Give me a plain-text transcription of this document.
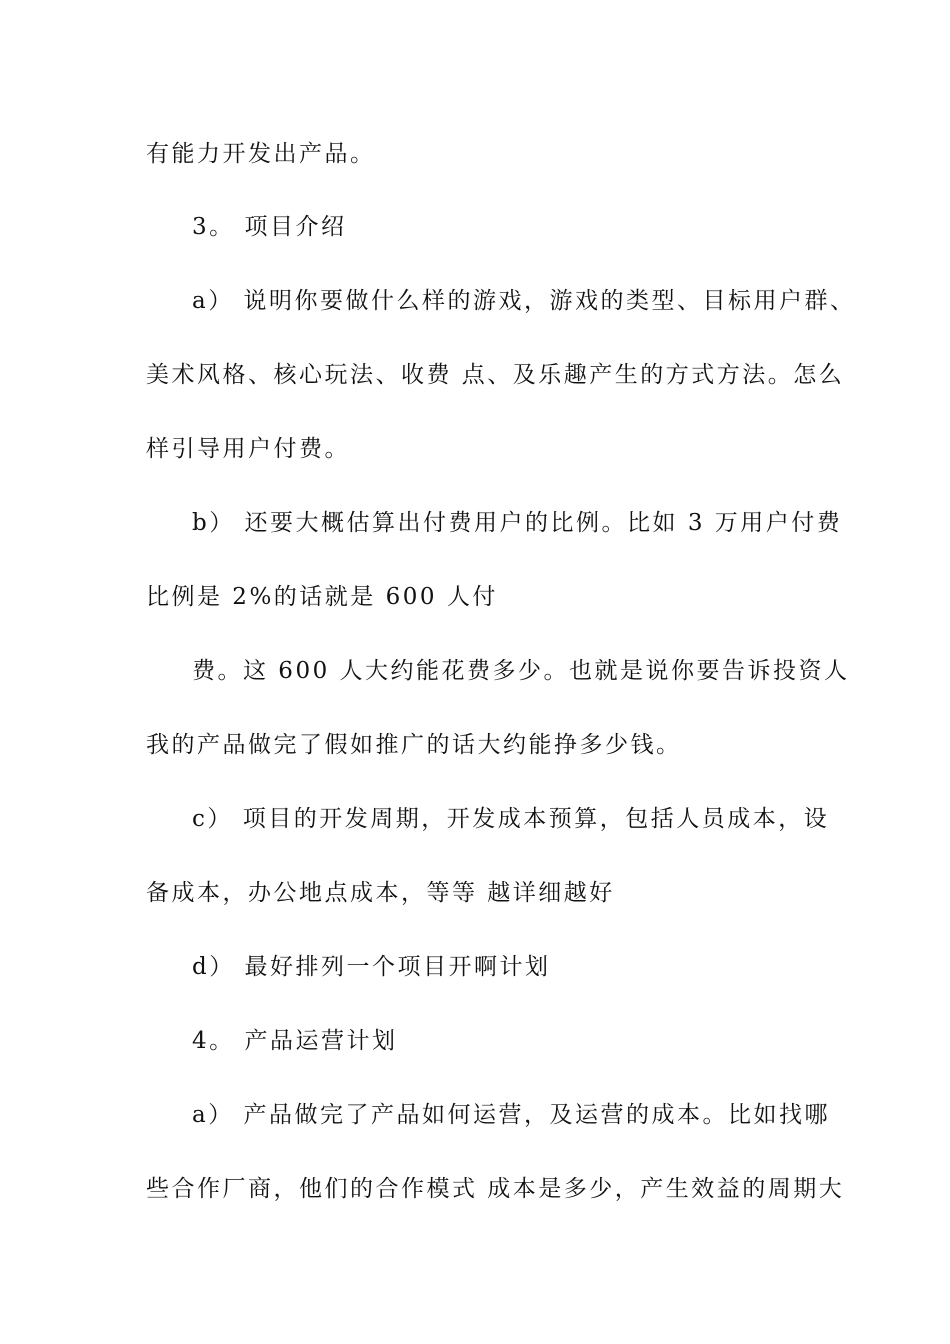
有能力开发出产品。
3。 项目介绍
a） 说明你要做什么样的游戏，游戏的类型、目标用户群、
美术风格、核心玩法、收费 点、及乐趣产生的方式方法。怎么
样引导用户付费。
b） 还要大概估算出付费用户的比例。比如 3 万用户付费
比例是 2%的话就是 600 人付
费。这 600 人大约能花费多少。也就是说你要告诉投资人
我的产品做完了假如推广的话大约能挣多少钱。
c） 项目的开发周期，开发成本预算，包括人员成本，设
备成本，办公地点成本，等等 越详细越好
d） 最好排列一个项目开啊计划
4。 产品运营计划
a） 产品做完了产品如何运营，及运营的成本。比如找哪
些合作厂商，他们的合作模式 成本是多少，产生效益的周期大
